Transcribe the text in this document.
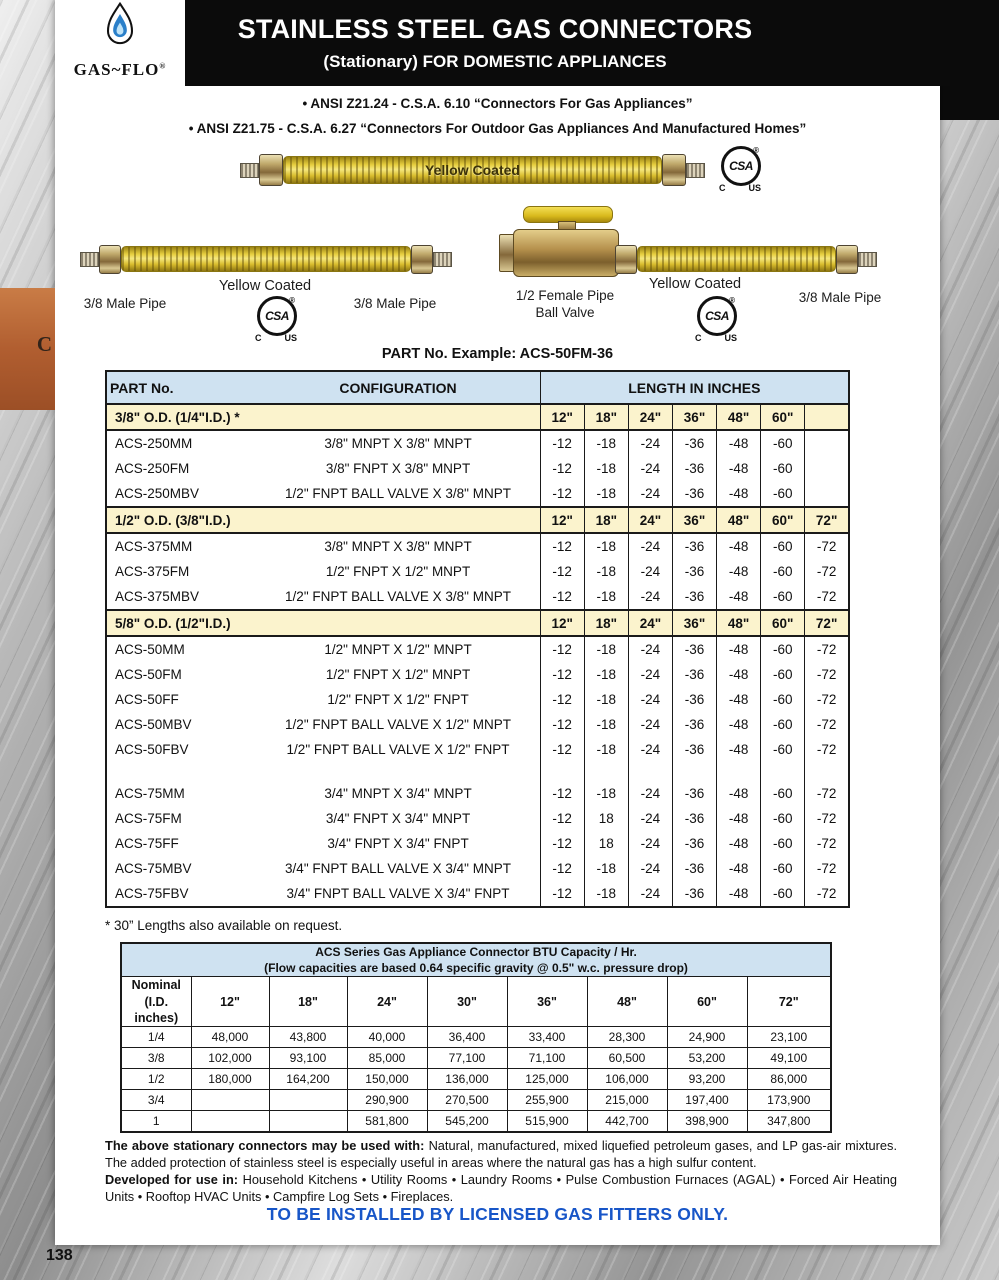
C
138
STAINLESS STEEL GAS CONNECTORS
(Stationary) FOR DOMESTIC APPLIANCES
GAS~FLO®
• ANSI Z21.24 - C.S.A. 6.10 “Connectors For Gas Appliances”
• ANSI Z21.75 - C.S.A. 6.27 “Connectors For Outdoor Gas Appliances And Manufactured Homes”
Yellow Coated	CSA
®
C	US
Yellow Coated
3/8 Male Pipe	3/8 Male Pipe
CSA
®
C	US
1/2 Female Pipe
Ball Valve
Yellow Coated
CSA
®
C	US
3/8 Male Pipe
PART No. Example: ACS-50FM-36
PART No.	CONFIGURATION	LENGTH IN INCHES						
3/8" O.D. (1/4"I.D.) *		12"	18"	24"	36"	48"	60"	
ACS-250MM	3/8" MNPT X 3/8" MNPT	-12	-18	-24	-36	-48	-60	
ACS-250FM	3/8" FNPT X 3/8" MNPT	-12	-18	-24	-36	-48	-60	
ACS-250MBV	1/2" FNPT BALL VALVE X 3/8" MNPT	-12	-18	-24	-36	-48	-60	
1/2" O.D. (3/8"I.D.)		12"	18"	24"	36"	48"	60"	72"
ACS-375MM	3/8" MNPT X 3/8" MNPT	-12	-18	-24	-36	-48	-60	-72
ACS-375FM	1/2" FNPT X 1/2" MNPT	-12	-18	-24	-36	-48	-60	-72
ACS-375MBV	1/2" FNPT BALL VALVE X 3/8" MNPT	-12	-18	-24	-36	-48	-60	-72
5/8" O.D. (1/2"I.D.)		12"	18"	24"	36"	48"	60"	72"
ACS-50MM	1/2" MNPT X 1/2" MNPT	-12	-18	-24	-36	-48	-60	-72
ACS-50FM	1/2" FNPT X 1/2" MNPT	-12	-18	-24	-36	-48	-60	-72
ACS-50FF	1/2" FNPT X 1/2" FNPT	-12	-18	-24	-36	-48	-60	-72
ACS-50MBV	1/2" FNPT BALL VALVE X 1/2" MNPT	-12	-18	-24	-36	-48	-60	-72
ACS-50FBV	1/2" FNPT BALL VALVE X 1/2" FNPT	-12	-18	-24	-36	-48	-60	-72

ACS-75MM	3/4" MNPT X 3/4" MNPT	-12	-18	-24	-36	-48	-60	-72
ACS-75FM	3/4" FNPT X 3/4" MNPT	-12	18	-24	-36	-48	-60	-72
ACS-75FF	3/4" FNPT X 3/4" FNPT	-12	18	-24	-36	-48	-60	-72
ACS-75MBV	3/4" FNPT BALL VALVE X 3/4" MNPT	-12	-18	-24	-36	-48	-60	-72
ACS-75FBV	3/4" FNPT BALL VALVE X 3/4" FNPT	-12	-18	-24	-36	-48	-60	-72
* 30” Lengths also available on request.
ACS Series Gas Appliance Connector BTU Capacity / Hr.
(Flow capacities are based 0.64 specific gravity @ 0.5" w.c. pressure drop)								

Nominal
(I.D. inches)	12"	18"	24"	30"	36"	48"	60"	72"
1/4	48,000	43,800	40,000	36,400	33,400	28,300	24,900	23,100
3/8	102,000	93,100	85,000	77,100	71,100	60,500	53,200	49,100
1/2	180,000	164,200	150,000	136,000	125,000	106,000	93,200	86,000
3/4			290,900	270,500	255,900	215,000	197,400	173,900
1			581,800	545,200	515,900	442,700	398,900	347,800
The above stationary connectors may be used with: Natural, manufactured, mixed liquefied petroleum gases, and LP gas-air mixtures. The added protection of stainless steel is especially useful in areas where the natural gas has a high sulfur content.
Developed for use in: Household Kitchens • Utility Rooms • Laundry Rooms • Pulse Combustion Furnaces (AGAL) • Forced Air Heating Units • Rooftop HVAC Units • Campfire Log Sets • Fireplaces.
TO BE INSTALLED BY LICENSED GAS FITTERS ONLY.
